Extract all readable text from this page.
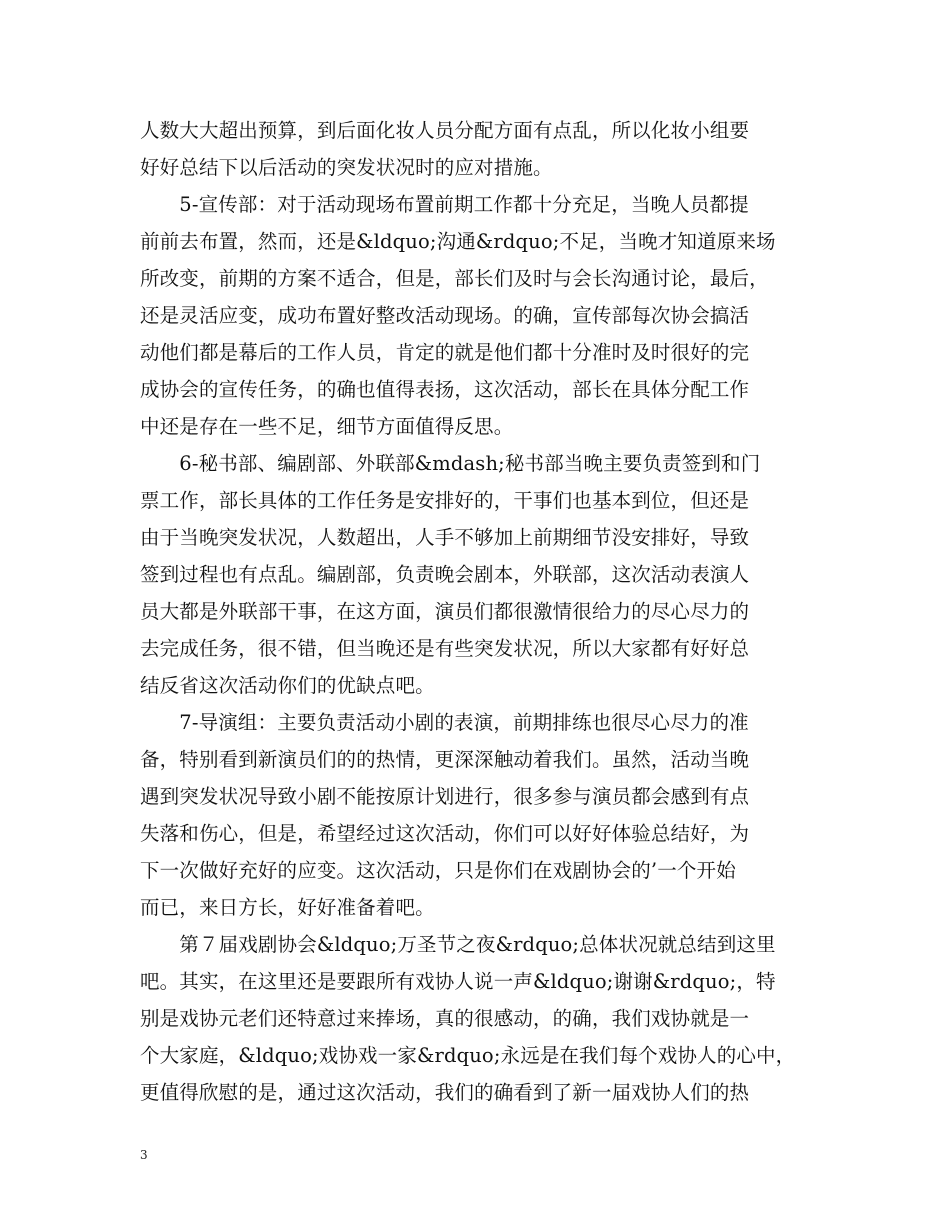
人数大大超出预算，到后面化妆人员分配方面有点乱，所以化妆小组要
好好总结下以后活动的突发状况时的应对措施。
　　5-宣传部：对于活动现场布置前期工作都十分充足，当晚人员都提
前前去布置，然而，还是&ldquo;沟通&rdquo;不足，当晚才知道原来场
所改变，前期的方案不适合，但是，部长们及时与会长沟通讨论，最后，
还是灵活应变，成功布置好整改活动现场。的确，宣传部每次协会搞活
动他们都是幕后的工作人员，肯定的就是他们都十分准时及时很好的完
成协会的宣传任务，的确也值得表扬，这次活动，部长在具体分配工作
中还是存在一些不足，细节方面值得反思。
　　6-秘书部、编剧部、外联部&mdash;秘书部当晚主要负责签到和门
票工作，部长具体的工作任务是安排好的，干事们也基本到位，但还是
由于当晚突发状况，人数超出，人手不够加上前期细节没安排好，导致
签到过程也有点乱。编剧部，负责晚会剧本，外联部，这次活动表演人
员大都是外联部干事，在这方面，演员们都很激情很给力的尽心尽力的
去完成任务，很不错，但当晚还是有些突发状况，所以大家都有好好总
结反省这次活动你们的优缺点吧。
　　7-导演组：主要负责活动小剧的表演，前期排练也很尽心尽力的准
备，特别看到新演员们的的热情，更深深触动着我们。虽然，活动当晚
遇到突发状况导致小剧不能按原计划进行，很多参与演员都会感到有点
失落和伤心，但是，希望经过这次活动，你们可以好好体验总结好，为
下一次做好充好的应变。这次活动，只是你们在戏剧协会的’一个开始
而已，来日方长，好好准备着吧。
　　第７届戏剧协会&ldquo;万圣节之夜&rdquo;总体状况就总结到这里
吧。其实，在这里还是要跟所有戏协人说一声&ldquo;谢谢&rdquo;，特
别是戏协元老们还特意过来捧场，真的很感动，的确，我们戏协就是一
个大家庭，&ldquo;戏协戏一家&rdquo;永远是在我们每个戏协人的心中，
更值得欣慰的是，通过这次活动，我们的确看到了新一届戏协人们的热
3
